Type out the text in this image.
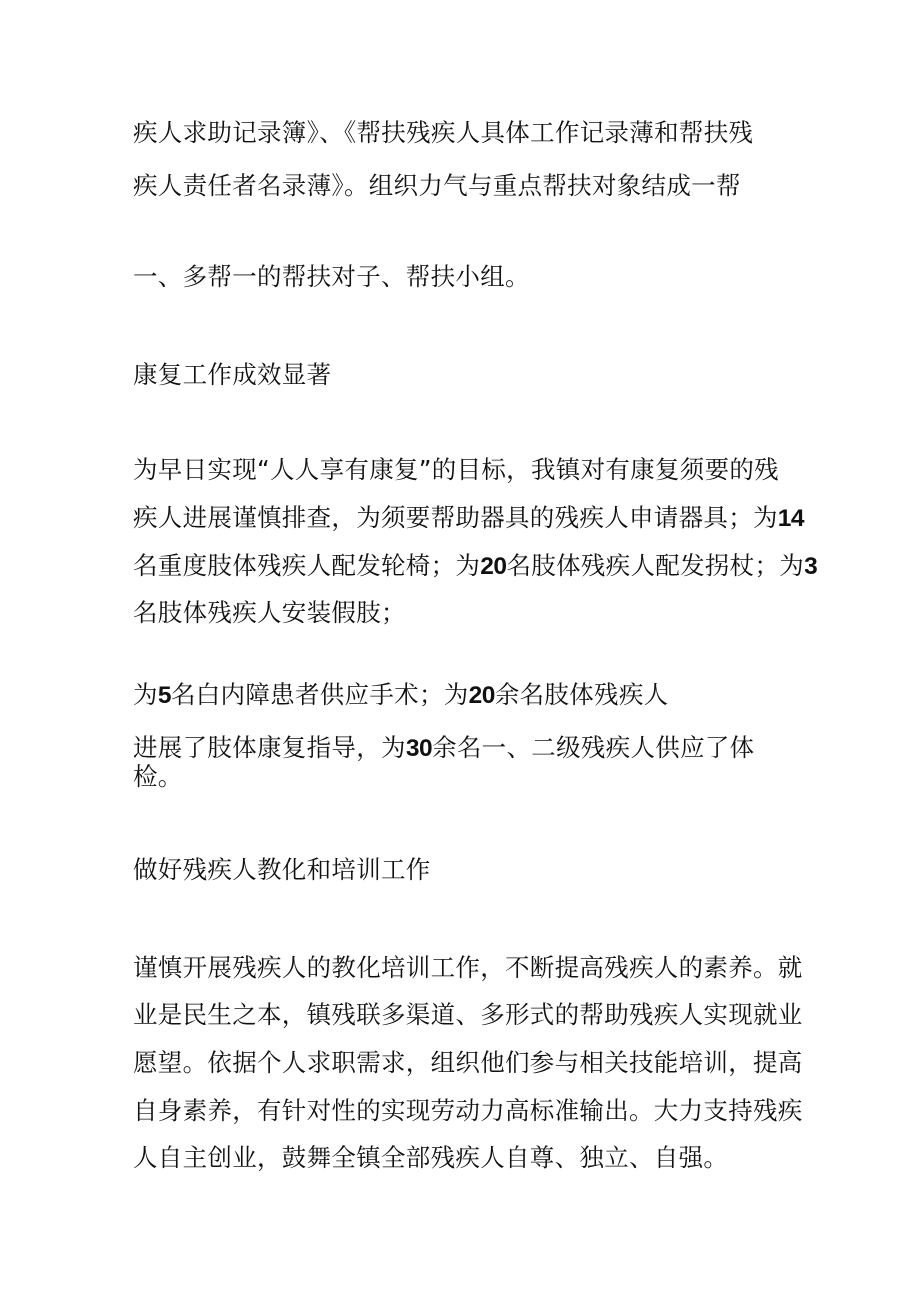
疾人求助记录簿》、《帮扶残疾人具体工作记录薄和帮扶残
疾人责任者名录薄》。组织力气与重点帮扶对象结成一帮
一、多帮一的帮扶对子、帮扶小组。
康复工作成效显著
为早日实现“人人享有康复”的目标，我镇对有康复须要的残
疾人进展谨慎排查，为须要帮助器具的残疾人申请器具；为14
名重度肢体残疾人配发轮椅；为20名肢体残疾人配发拐杖；为3
名肢体残疾人安装假肢；
为5名白内障患者供应手术；为20余名肢体残疾人
进展了肢体康复指导，为30余名一、二级残疾人供应了体
检。
做好残疾人教化和培训工作
谨慎开展残疾人的教化培训工作，不断提高残疾人的素养。就
业是民生之本，镇残联多渠道、多形式的帮助残疾人实现就业
愿望。依据个人求职需求，组织他们参与相关技能培训，提高
自身素养，有针对性的实现劳动力高标准输出。大力支持残疾
人自主创业，鼓舞全镇全部残疾人自尊、独立、自强。
